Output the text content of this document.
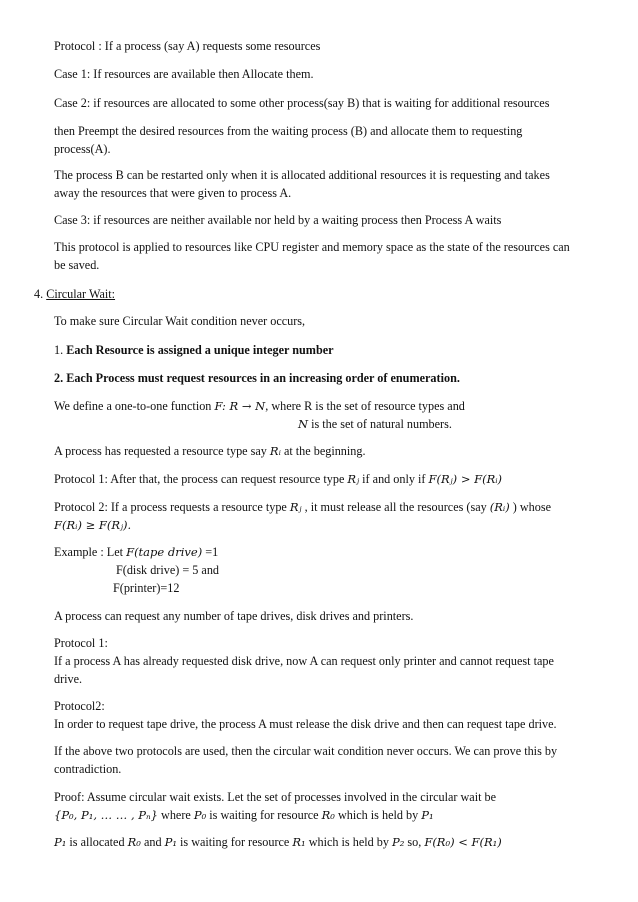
Protocol : If a process (say A) requests some resources

Case 1: If resources are available then Allocate them.

Case 2: if resources are allocated to some other process(say B) that is waiting for additional resources

then Preempt the desired resources from the waiting process (B) and allocate them to requesting
process(A).

The process B can be restarted only when it is allocated additional resources it is requesting and takes
away the resources that were given to process A.

Case 3: if resources are neither available nor held by a waiting process then Process A waits

This protocol is applied to resources like CPU register and memory space as the state of the resources can
be saved.

4. Circular Wait:

To make sure Circular Wait condition never occurs,

1. Each Resource is assigned a unique integer number

2. Each Process must request resources in an increasing order of enumeration.

We define a one-to-one function F: R → N, where R is the set of resource types and
N is the set of natural numbers.

A process has requested a resource type say Rᵢ at the beginning.

Protocol 1: After that, the process can request resource type Rⱼ if and only if F(Rⱼ) > F(Rᵢ)

Protocol 2: If a process requests a resource type Rⱼ , it must release all the resources (say (Rᵢ) ) whose
F(Rᵢ) ≥ F(Rⱼ).

Example : Let F(tape drive) =1
F(disk drive) = 5 and
F(printer)=12

A process can request any number of tape drives, disk drives and printers.

Protocol 1:
If a process A has already requested disk drive, now A can request only printer and cannot request tape
drive.

Protocol2:
In order to request tape drive, the process A must release the disk drive and then can request tape drive.

If the above two protocols are used, then the circular wait condition never occurs. We can prove this by
contradiction.

Proof: Assume circular wait exists. Let the set of processes involved in the circular wait be
{P₀, P₁, … … , Pₙ} where P₀ is waiting for resource R₀ which is held by P₁

P₁ is allocated R₀ and P₁ is waiting for resource R₁ which is held by P₂ so, F(R₀) < F(R₁)
